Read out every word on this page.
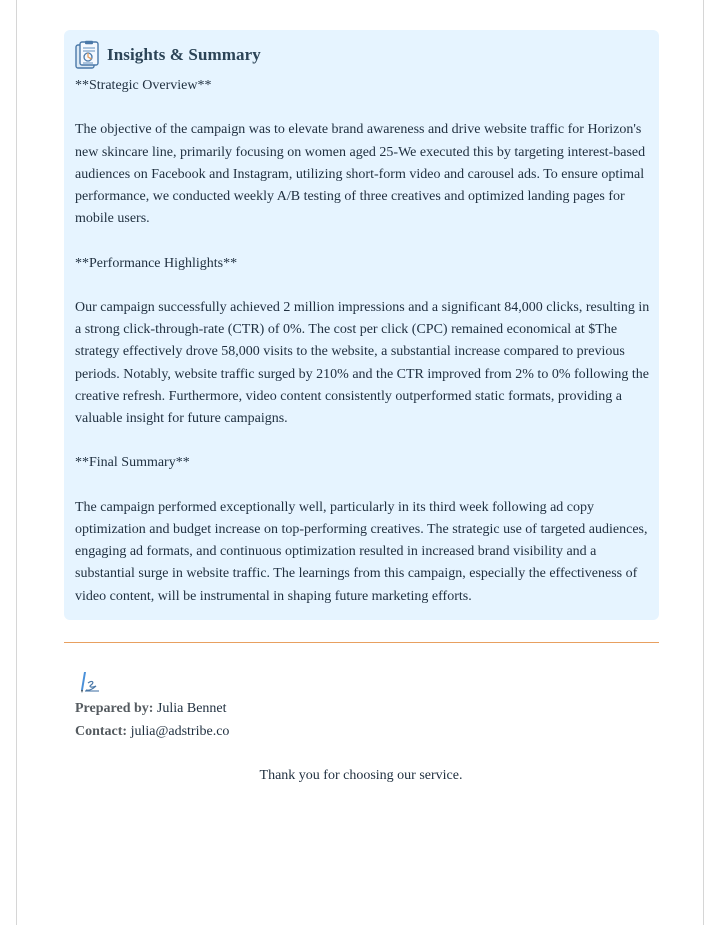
Insights & Summary

**Strategic Overview**

The objective of the campaign was to elevate brand awareness and drive website traffic for Horizon's new skincare line, primarily focusing on women aged 25-We executed this by targeting interest-based audiences on Facebook and Instagram, utilizing short-form video and carousel ads. To ensure optimal performance, we conducted weekly A/B testing of three creatives and optimized landing pages for mobile users.

**Performance Highlights**

Our campaign successfully achieved 2 million impressions and a significant 84,000 clicks, resulting in a strong click-through-rate (CTR) of 0%. The cost per click (CPC) remained economical at $The strategy effectively drove 58,000 visits to the website, a substantial increase compared to previous periods. Notably, website traffic surged by 210% and the CTR improved from 2% to 0% following the creative refresh. Furthermore, video content consistently outperformed static formats, providing a valuable insight for future campaigns.

**Final Summary**

The campaign performed exceptionally well, particularly in its third week following ad copy optimization and budget increase on top-performing creatives. The strategic use of targeted audiences, engaging ad formats, and continuous optimization resulted in increased brand visibility and a substantial surge in website traffic. The learnings from this campaign, especially the effectiveness of video content, will be instrumental in shaping future marketing efforts.

Prepared by: Julia Bennet
Contact: julia@adstribe.co
Thank you for choosing our service.
